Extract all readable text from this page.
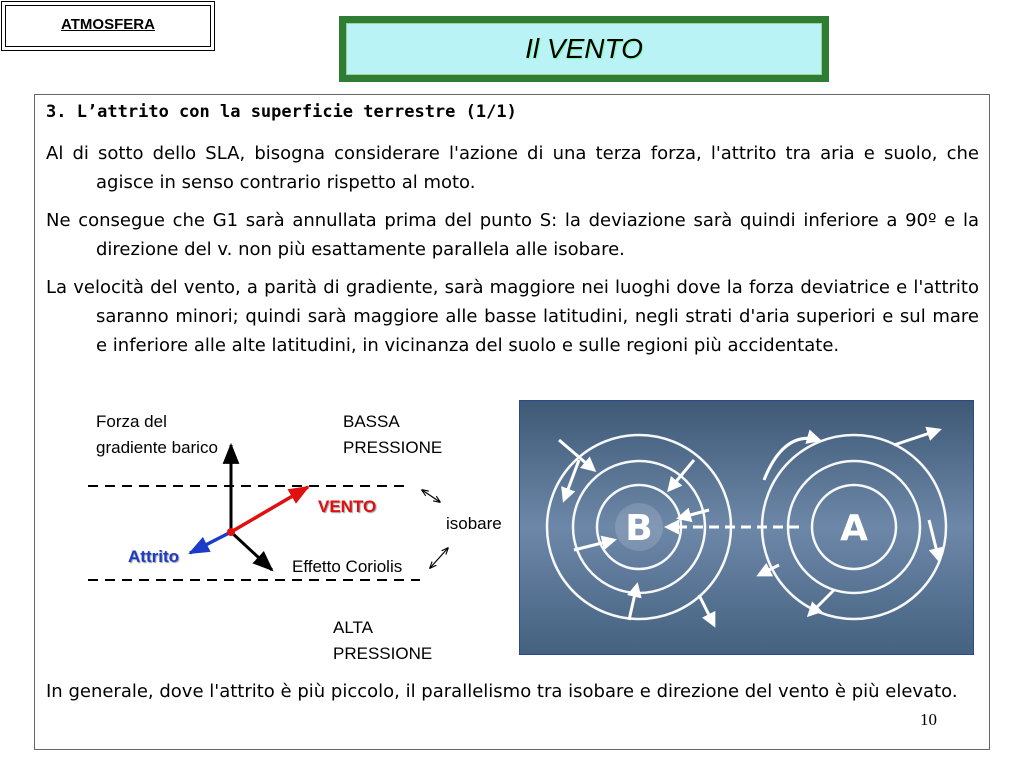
ATMOSFERA
Il VENTO
3. L’attrito con la superficie terrestre (1/1)
Al di sotto dello SLA, bisogna considerare l'azione di una terza forza, l'attrito tra aria e suolo, che agisce in senso contrario rispetto al moto.
Ne consegue che G1 sarà annullata prima del punto S: la deviazione sarà quindi inferiore a 90º e la direzione del v. non più esattamente parallela alle isobare.
La velocità del vento, a parità di gradiente, sarà maggiore nei luoghi dove la forza deviatrice e l'attrito saranno minori; quindi sarà maggiore alle basse latitudini, negli strati d'aria superiori e sul mare e inferiore alle alte latitudini, in vicinanza del suolo e sulle regioni più accidentate.
Forza del
gradiente barico
BASSA
PRESSIONE
VENTO
isobare
Attrito
Effetto Coriolis
ALTA
PRESSIONE
B	A
In generale, dove l'attrito è più piccolo, il parallelismo tra isobare e direzione del vento è più elevato.
10
